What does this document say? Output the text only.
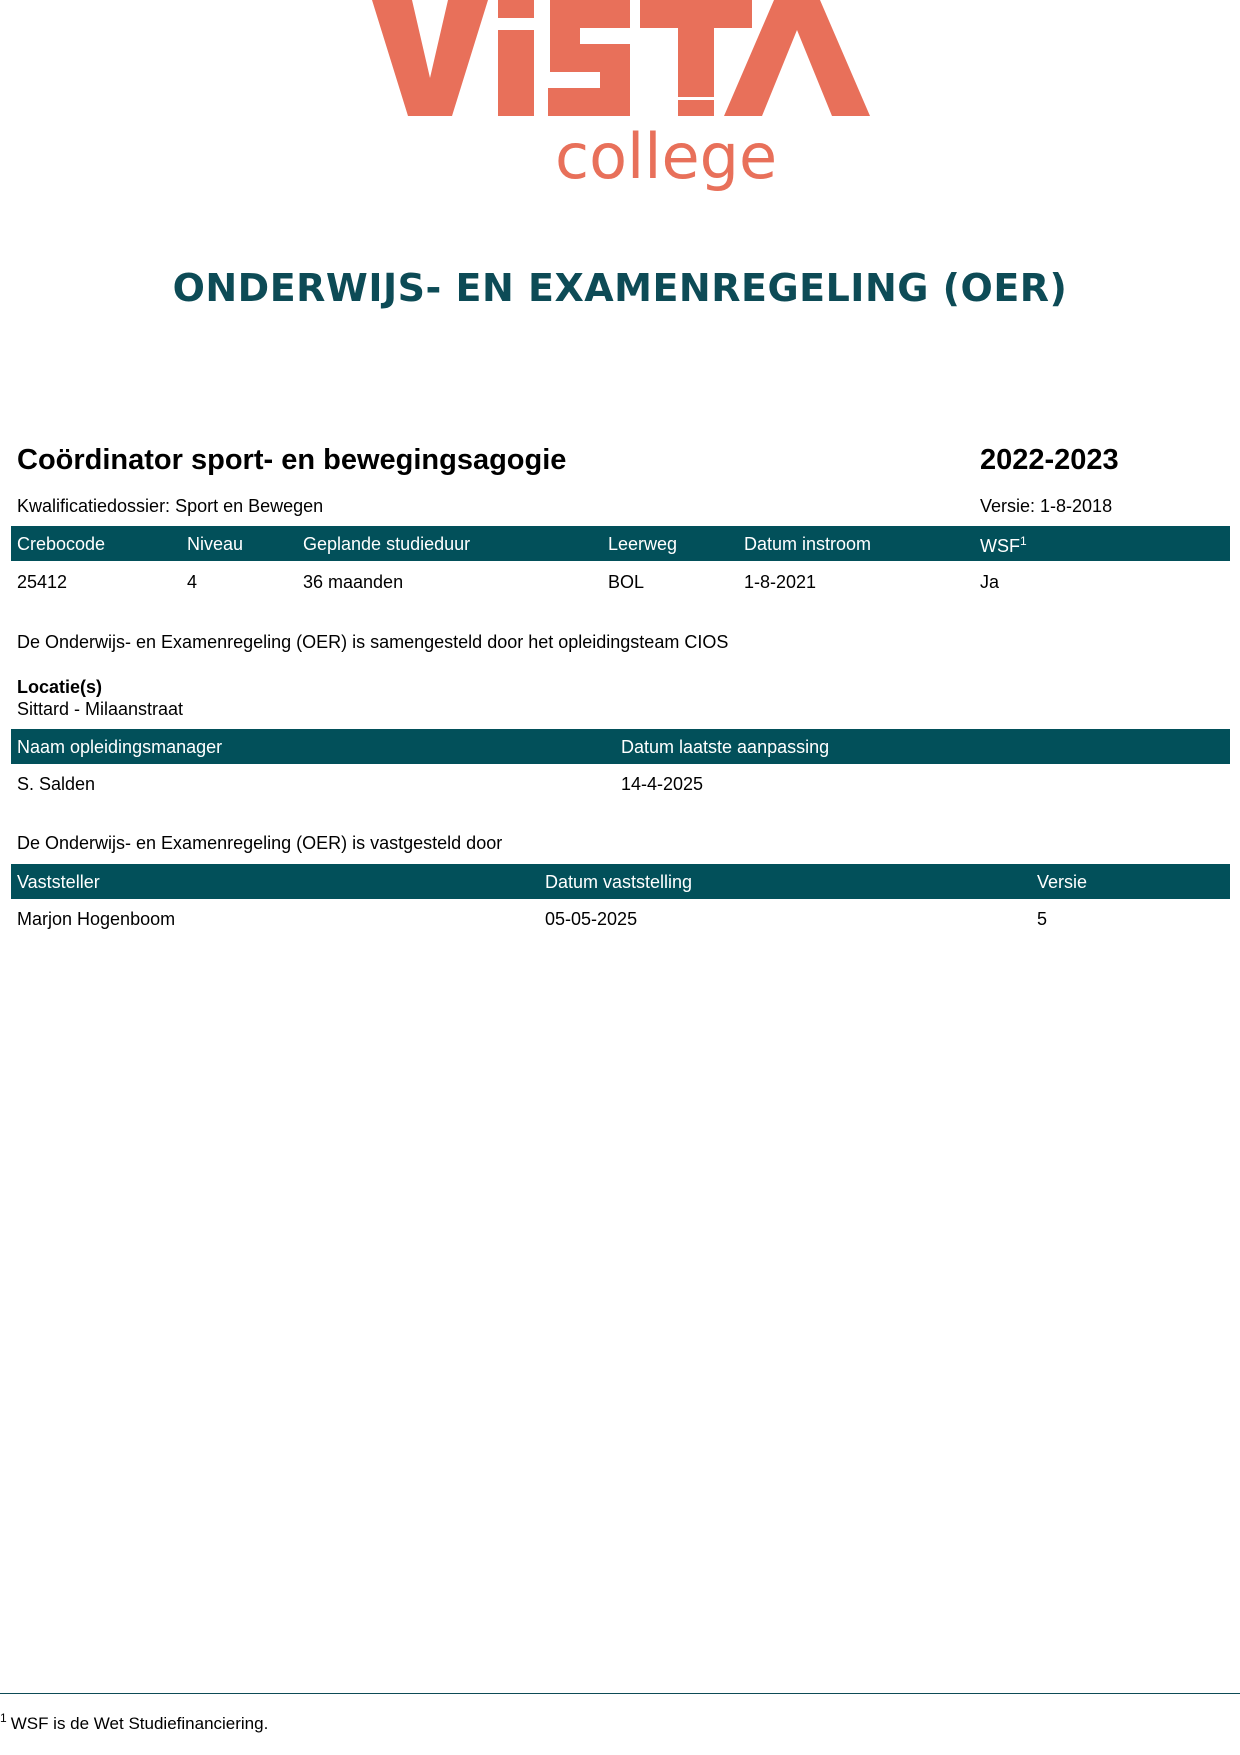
college
ONDERWIJS- EN EXAMENREGELING (OER)
Coördinator sport- en bewegingsagogie	2022-2023
Kwalificatiedossier: Sport en Bewegen	Versie: 1-8-2018
Crebocode	Niveau	Geplande studieduur	Leerweg	Datum instroom	WSF$^1$
25412	4	36 maanden	BOL	1-8-2021	Ja
De Onderwijs- en Examenregeling (OER) is samengesteld door het opleidingsteam CIOS
Locatie(s)
Sittard - Milaanstraat
Naam opleidingsmanager	Datum laatste aanpassing
S. Salden	14-4-2025
De Onderwijs- en Examenregeling (OER) is vastgesteld door
Vaststeller	Datum vaststelling	Versie
Marjon Hogenboom	05-05-2025	5
$^1$ WSF is de Wet Studiefinanciering.
